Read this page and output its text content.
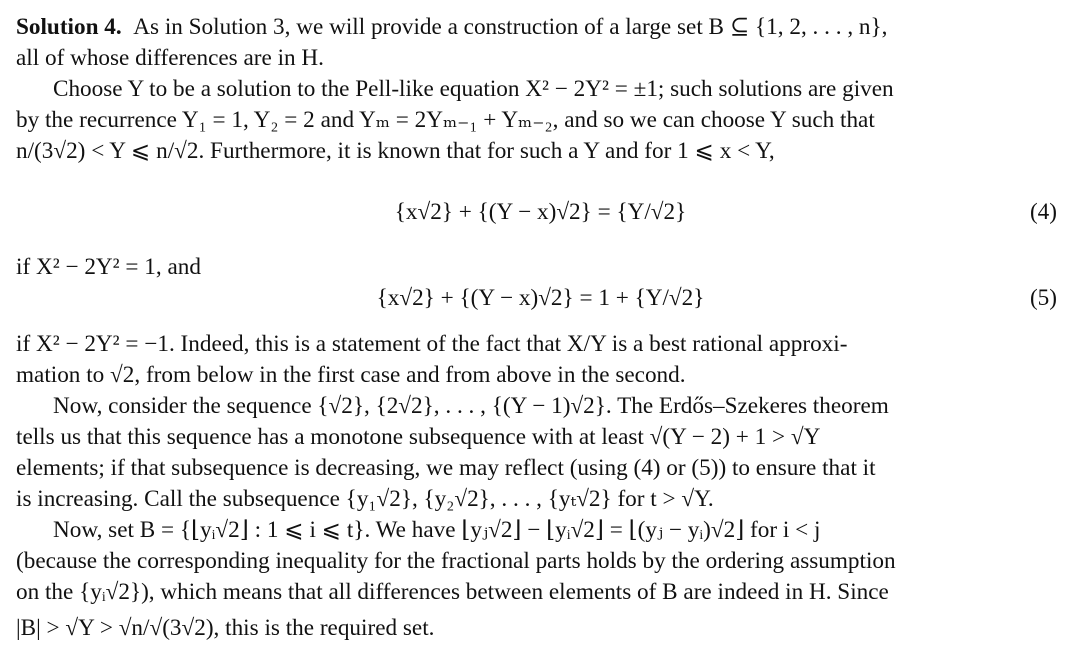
Solution 4. As in Solution 3, we will provide a construction of a large set B ⊆ {1, 2, . . . , n},
all of whose differences are in H.
Choose Y to be a solution to the Pell-like equation X² − 2Y² = ±1; such solutions are given
by the recurrence Y₁ = 1, Y₂ = 2 and Yₘ = 2Yₘ₋₁ + Yₘ₋₂, and so we can choose Y such that
n/(3√2) < Y ⩽ n/√2. Furthermore, it is known that for such a Y and for 1 ⩽ x < Y,
{x√2} + {(Y − x)√2} = {Y/√2}	(4)
if X² − 2Y² = 1, and
{x√2} + {(Y − x)√2} = 1 + {Y/√2}	(5)
if X² − 2Y² = −1. Indeed, this is a statement of the fact that X/Y is a best rational approxi-
mation to √2, from below in the first case and from above in the second.
Now, consider the sequence {√2}, {2√2}, . . . , {(Y − 1)√2}. The Erdős–Szekeres theorem
tells us that this sequence has a monotone subsequence with at least √(Y − 2) + 1 > √Y
elements; if that subsequence is decreasing, we may reflect (using (4) or (5)) to ensure that it
is increasing. Call the subsequence {y₁√2}, {y₂√2}, . . . , {yₜ√2} for t > √Y.
Now, set B = {⌊yᵢ√2⌋ : 1 ⩽ i ⩽ t}. We have ⌊yⱼ√2⌋ − ⌊yᵢ√2⌋ = ⌊(yⱼ − yᵢ)√2⌋ for i < j
(because the corresponding inequality for the fractional parts holds by the ordering assumption
on the {yᵢ√2}), which means that all differences between elements of B are indeed in H. Since
|B| > √Y > √n/√(3√2), this is the required set.
